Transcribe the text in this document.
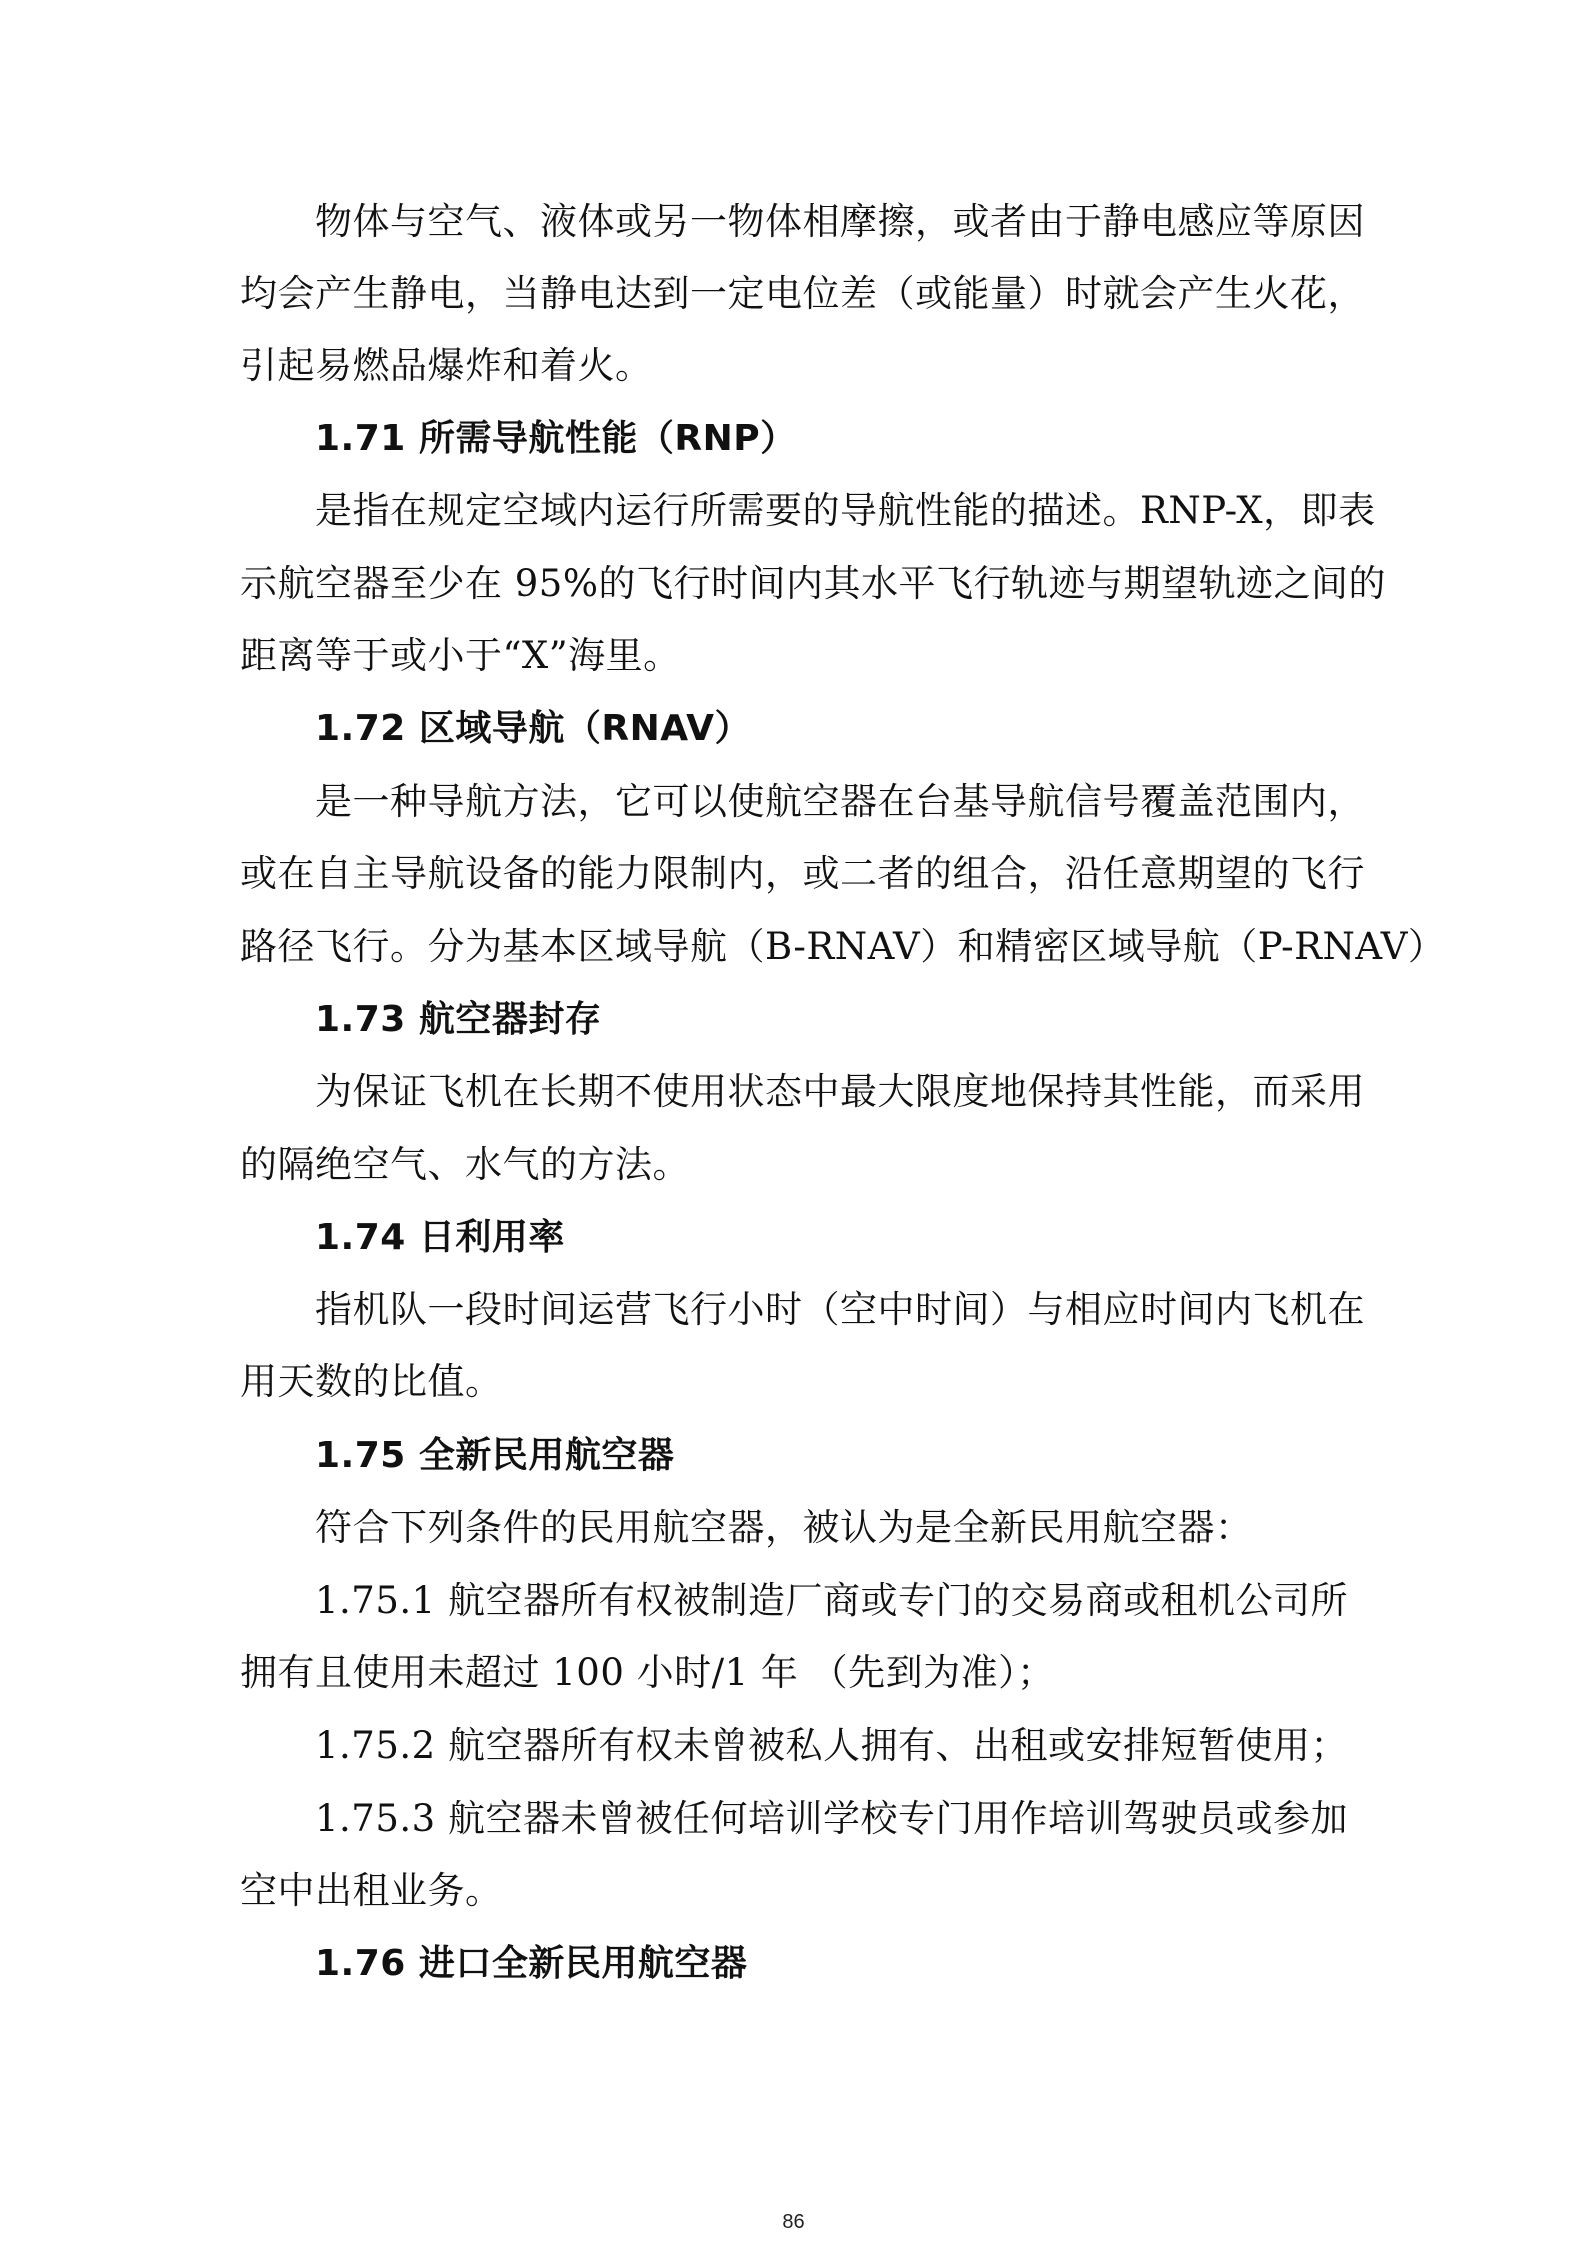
物体与空气、液体或另一物体相摩擦，或者由于静电感应等原因
均会产生静电，当静电达到一定电位差（或能量）时就会产生火花，
引起易燃品爆炸和着火。
1.71 所需导航性能（RNP）
是指在规定空域内运行所需要的导航性能的描述。RNP-X，即表
示航空器至少在 95%的飞行时间内其水平飞行轨迹与期望轨迹之间的
距离等于或小于“X”海里。
1.72 区域导航（RNAV）
是一种导航方法，它可以使航空器在台基导航信号覆盖范围内，
或在自主导航设备的能力限制内，或二者的组合，沿任意期望的飞行
路径飞行。分为基本区域导航（B-RNAV）和精密区域导航（P-RNAV）
1.73 航空器封存
为保证飞机在长期不使用状态中最大限度地保持其性能，而采用
的隔绝空气、水气的方法。
1.74 日利用率
指机队一段时间运营飞行小时（空中时间）与相应时间内飞机在
用天数的比值。
1.75 全新民用航空器
符合下列条件的民用航空器，被认为是全新民用航空器：
1.75.1 航空器所有权被制造厂商或专门的交易商或租机公司所
拥有且使用未超过 100 小时/1 年 （先到为准）；
1.75.2 航空器所有权未曾被私人拥有、出租或安排短暂使用；
1.75.3 航空器未曾被任何培训学校专门用作培训驾驶员或参加
空中出租业务。
1.76 进口全新民用航空器
86
